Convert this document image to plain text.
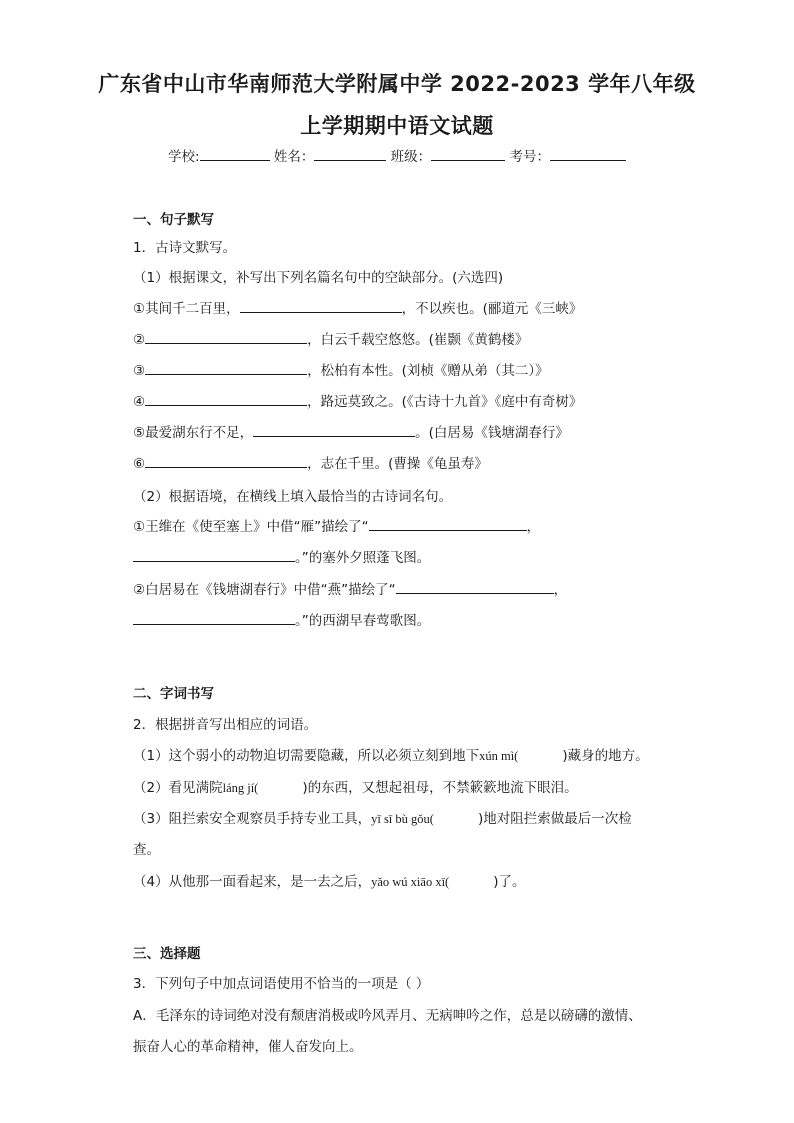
广东省中山市华南师范大学附属中学 2022-2023 学年八年级
上学期期中语文试题
学校:	姓名：	班级：	考号：
一、句子默写
1．古诗文默写。
（1）根据课文，补写出下列名篇名句中的空缺部分。(六选四)
①其间千二百里，	，不以疾也。(郦道元《三峡》
②	，白云千载空悠悠。(崔颢《黄鹤楼》
③	，松柏有本性。(刘桢《赠从弟（其二）》
④	，路远莫致之。(《古诗十九首》《庭中有奇树》
⑤最爱湖东行不足，	。(白居易《钱塘湖春行》
⑥	，志在千里。(曹操《龟虽寿》
（2）根据语境，在横线上填入最恰当的古诗词名句。
①王维在《使至塞上》中借“雁”描绘了“	，
。”的塞外夕照蓬飞图。
②白居易在《钱塘湖春行》中借“燕”描绘了“	，
。”的西湖早春莺歌图。
二、字词书写
2．根据拼音写出相应的词语。
（1）这个弱小的动物迫切需要隐藏，所以必须立刻到地下xún mì(	)藏身的地方。
（2）看见满院láng jí(	)的东西，又想起祖母，不禁簌簌地流下眼泪。
（3）阻拦索安全观察员手持专业工具，yī sī bù gǒu(	)地对阻拦索做最后一次检
查。
（4）从他那一面看起来，是一去之后，yǎo wú xiāo xī(	)了。
三、选择题
3．下列句子中加点词语使用不恰当的一项是（ ）
A．毛泽东的诗词绝对没有颓唐消极或吟风弄月、无病呻吟之作，总是以磅礴的激情、
振奋人心的革命精神，催人奋发向上。
